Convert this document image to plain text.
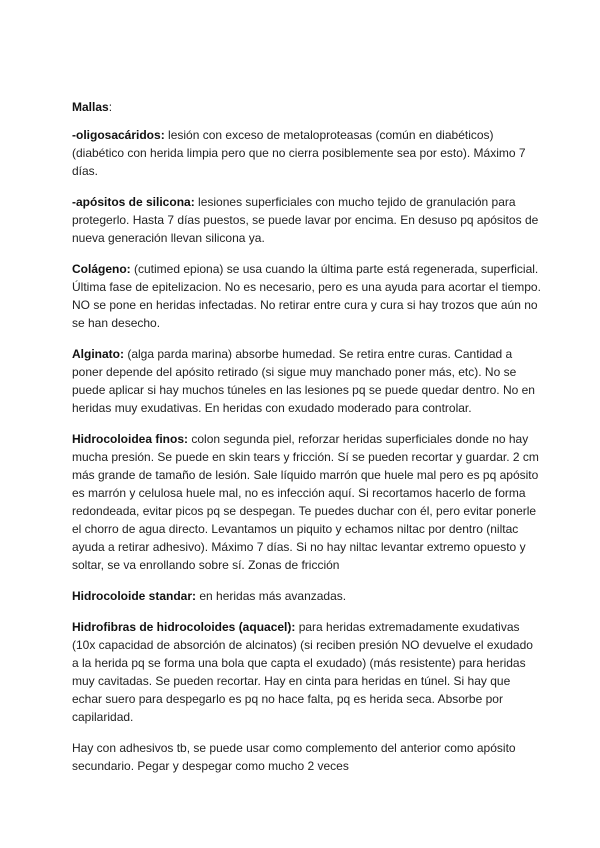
Mallas:

-oligosacáridos: lesión con exceso de metaloproteasas (común en diabéticos) (diabético con herida limpia pero que no cierra posiblemente sea por esto). Máximo 7 días.

-apósitos de silicona: lesiones superficiales con mucho tejido de granulación para protegerlo. Hasta 7 días puestos, se puede lavar por encima. En desuso pq apósitos de nueva generación llevan silicona ya.

Colágeno: (cutimed epiona) se usa cuando la última parte está regenerada, superficial. Última fase de epitelizacion. No es necesario, pero es una ayuda para acortar el tiempo. NO se pone en heridas infectadas. No retirar entre cura y cura si hay trozos que aún no se han desecho.

Alginato: (alga parda marina) absorbe humedad. Se retira entre curas. Cantidad a poner depende del apósito retirado (si sigue muy manchado poner más, etc). No se puede aplicar si hay muchos túneles en las lesiones pq se puede quedar dentro. No en heridas muy exudativas. En heridas con exudado moderado para controlar.

Hidrocoloidea finos: colon segunda piel, reforzar heridas superficiales donde no hay mucha presión. Se puede en skin tears y fricción. Sí se pueden recortar y guardar. 2 cm más grande de tamaño de lesión. Sale líquido marrón que huele mal pero es pq apósito es marrón y celulosa huele mal, no es infección aquí. Si recortamos hacerlo de forma redondeada, evitar picos pq se despegan. Te puedes duchar con él, pero evitar ponerle el chorro de agua directo. Levantamos un piquito y echamos niltac por dentro (niltac ayuda a retirar adhesivo). Máximo 7 días. Si no hay niltac levantar extremo opuesto y soltar, se va enrollando sobre sí. Zonas de fricción

Hidrocoloide standar: en heridas más avanzadas.

Hidrofibras de hidrocoloides (aquacel): para heridas extremadamente exudativas (10x capacidad de absorción de alcinatos) (si reciben presión NO devuelve el exudado a la herida pq se forma una bola que capta el exudado) (más resistente) para heridas muy cavitadas. Se pueden recortar. Hay en cinta para heridas en túnel. Si hay que echar suero para despegarlo es pq no hace falta, pq es herida seca. Absorbe por capilaridad.

Hay con adhesivos tb, se puede usar como complemento del anterior como apósito secundario. Pegar y despegar como mucho 2 veces
